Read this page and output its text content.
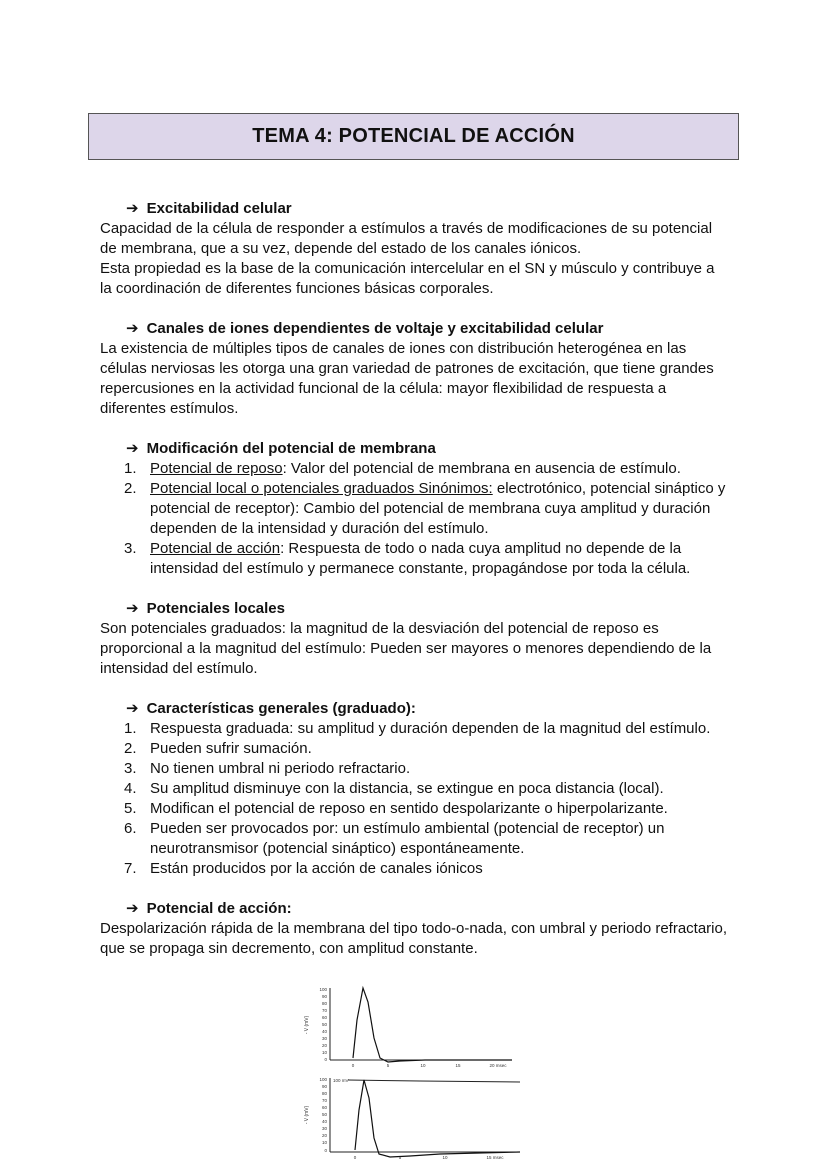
TEMA 4: POTENCIAL DE ACCIÓN
➔ Excitabilidad celular

Capacidad de la célula de responder a estímulos a través de modificaciones de su potencial de membrana, que a su vez, depende del estado de los canales iónicos.

Esta propiedad es la base de la comunicación intercelular en el SN y músculo y contribuye a la coordinación de diferentes funciones básicas corporales.

➔ Canales de iones dependientes de voltaje y excitabilidad celular

La existencia de múltiples tipos de canales de iones con distribución heterogénea en las células nerviosas les otorga una gran variedad de patrones de excitación, que tiene grandes repercusiones en la actividad funcional de la célula: mayor flexibilidad de respuesta a diferentes estímulos.

➔ Modificación del potencial de membrana
1. Potencial de reposo: Valor del potencial de membrana en ausencia de estímulo.
2. Potencial local o potenciales graduados Sinónimos: electrotónico, potencial sináptico y potencial de receptor): Cambio del potencial de membrana cuya amplitud y duración dependen de la intensidad y duración del estímulo.
3. Potencial de acción: Respuesta de todo o nada cuya amplitud no depende de la intensidad del estímulo y permanece constante, propagándose por toda la célula.
➔ Potenciales locales

Son potenciales graduados: la magnitud de la desviación del potencial de reposo es proporcional a la magnitud del estímulo: Pueden ser mayores o menores dependiendo de la intensidad del estímulo.

➔ Características generales (graduado):
1. Respuesta graduada: su amplitud y duración dependen de la magnitud del estímulo.
2. Pueden sufrir sumación.
3. No tienen umbral ni periodo refractario.
4. Su amplitud disminuye con la distancia, se extingue en poca distancia (local).
5. Modifican el potencial de reposo en sentido despolarizante o hiperpolarizante.
6. Pueden ser provocados por: un estímulo ambiental (potencial de receptor) un neurotransmisor (potencial sináptico) espontáneamente.
7. Están producidos por la acción de canales iónicos
➔ Potencial de acción:

Despolarización rápida de la membrana del tipo todo-o-nada, con umbral y periodo refractario, que se propaga sin decremento, con amplitud constante.

- V (mV)
100
90
80
70
60
50
40
30
20
10
0
0	5	10	15	20 msec
- V (mV)
100 mV
100
90
80
70
60
50
40
30
20
10
0
0	5	10	15 msec
